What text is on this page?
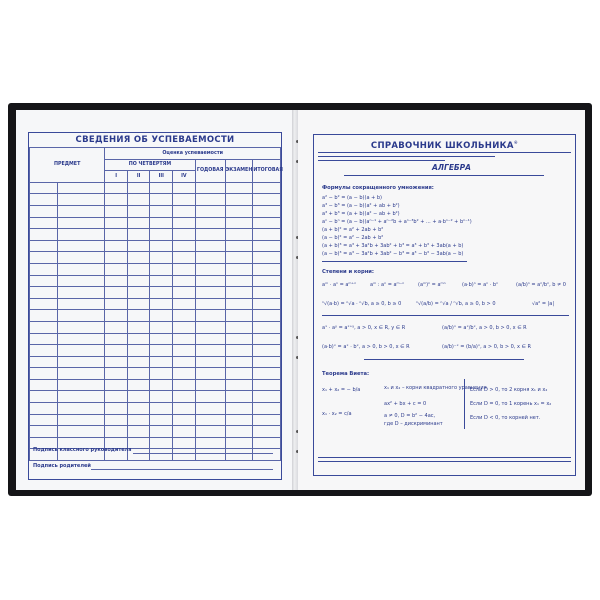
СВЕДЕНИЯ ОБ УСПЕВАЕМОСТИ
ПРЕДМЕТ		Оценка успеваемости						
		ПО ЧЕТВЕРТЯМ				ГОДОВАЯ	ЭКЗАМЕН	ИТОГОВАЯ
		I	II	III	IV			

Подпись классного руководителя
Подпись родителей
СПРАВОЧНИК ШКОЛЬНИКА®
АЛГЕБРА
Формулы сокращенного умножения:
a² − b² = (a − b)(a + b)
a³ − b³ = (a − b)(a² + ab + b²)
a³ + b³ = (a + b)(a² − ab + b²)
aⁿ − bⁿ = (a − b)(aⁿ⁻¹ + aⁿ⁻²b + aⁿ⁻³b² + ... + a·bⁿ⁻² + bⁿ⁻¹)
(a + b)² = a² + 2ab + b²
(a − b)² = a² − 2ab + b²
(a + b)³ = a³ + 3a²b + 3ab² + b³ = a³ + b³ + 3ab(a + b)
(a − b)³ = a³ − 3a²b + 3ab² − b³ = a³ − b³ − 3ab(a − b)
Степени и корни:
aᵐ · aⁿ = aᵐ⁺ⁿ	aᵐ : aⁿ = aᵐ⁻ⁿ	(aᵐ)ⁿ = aᵐⁿ	(a·b)ⁿ = aⁿ · bⁿ	(a/b)ⁿ = aⁿ/bⁿ, b ≠ 0
ⁿ√(a·b) = ⁿ√a · ⁿ√b, a ≥ 0, b ≥ 0	ⁿ√(a/b) = ⁿ√a / ⁿ√b, a ≥ 0, b > 0	√a² = |a|
aˣ · aʸ = aˣ⁺ʸ, a > 0, x ∈ R, y ∈ R	(a/b)ˣ = aˣ/bˣ, a > 0, b > 0, x ∈ R
(a·b)ˣ = aˣ · bˣ, a > 0, b > 0, x ∈ R	(a/b)⁻ˣ = (b/a)ˣ, a > 0, b > 0, x ∈ R
Теорема Виета:
x₁ + x₂ = − b/a
x₁ · x₂ = c/a
x₁ и x₂ – корни квадратного уравнения
ax² + bx + c = 0
a ≠ 0, D = b² − 4ac,
где D – дискриминант
Если D > 0, то 2 корня x₁ и x₂
Если D = 0, то 1 корень x₁ = x₂
Если D < 0, то корней нет.
